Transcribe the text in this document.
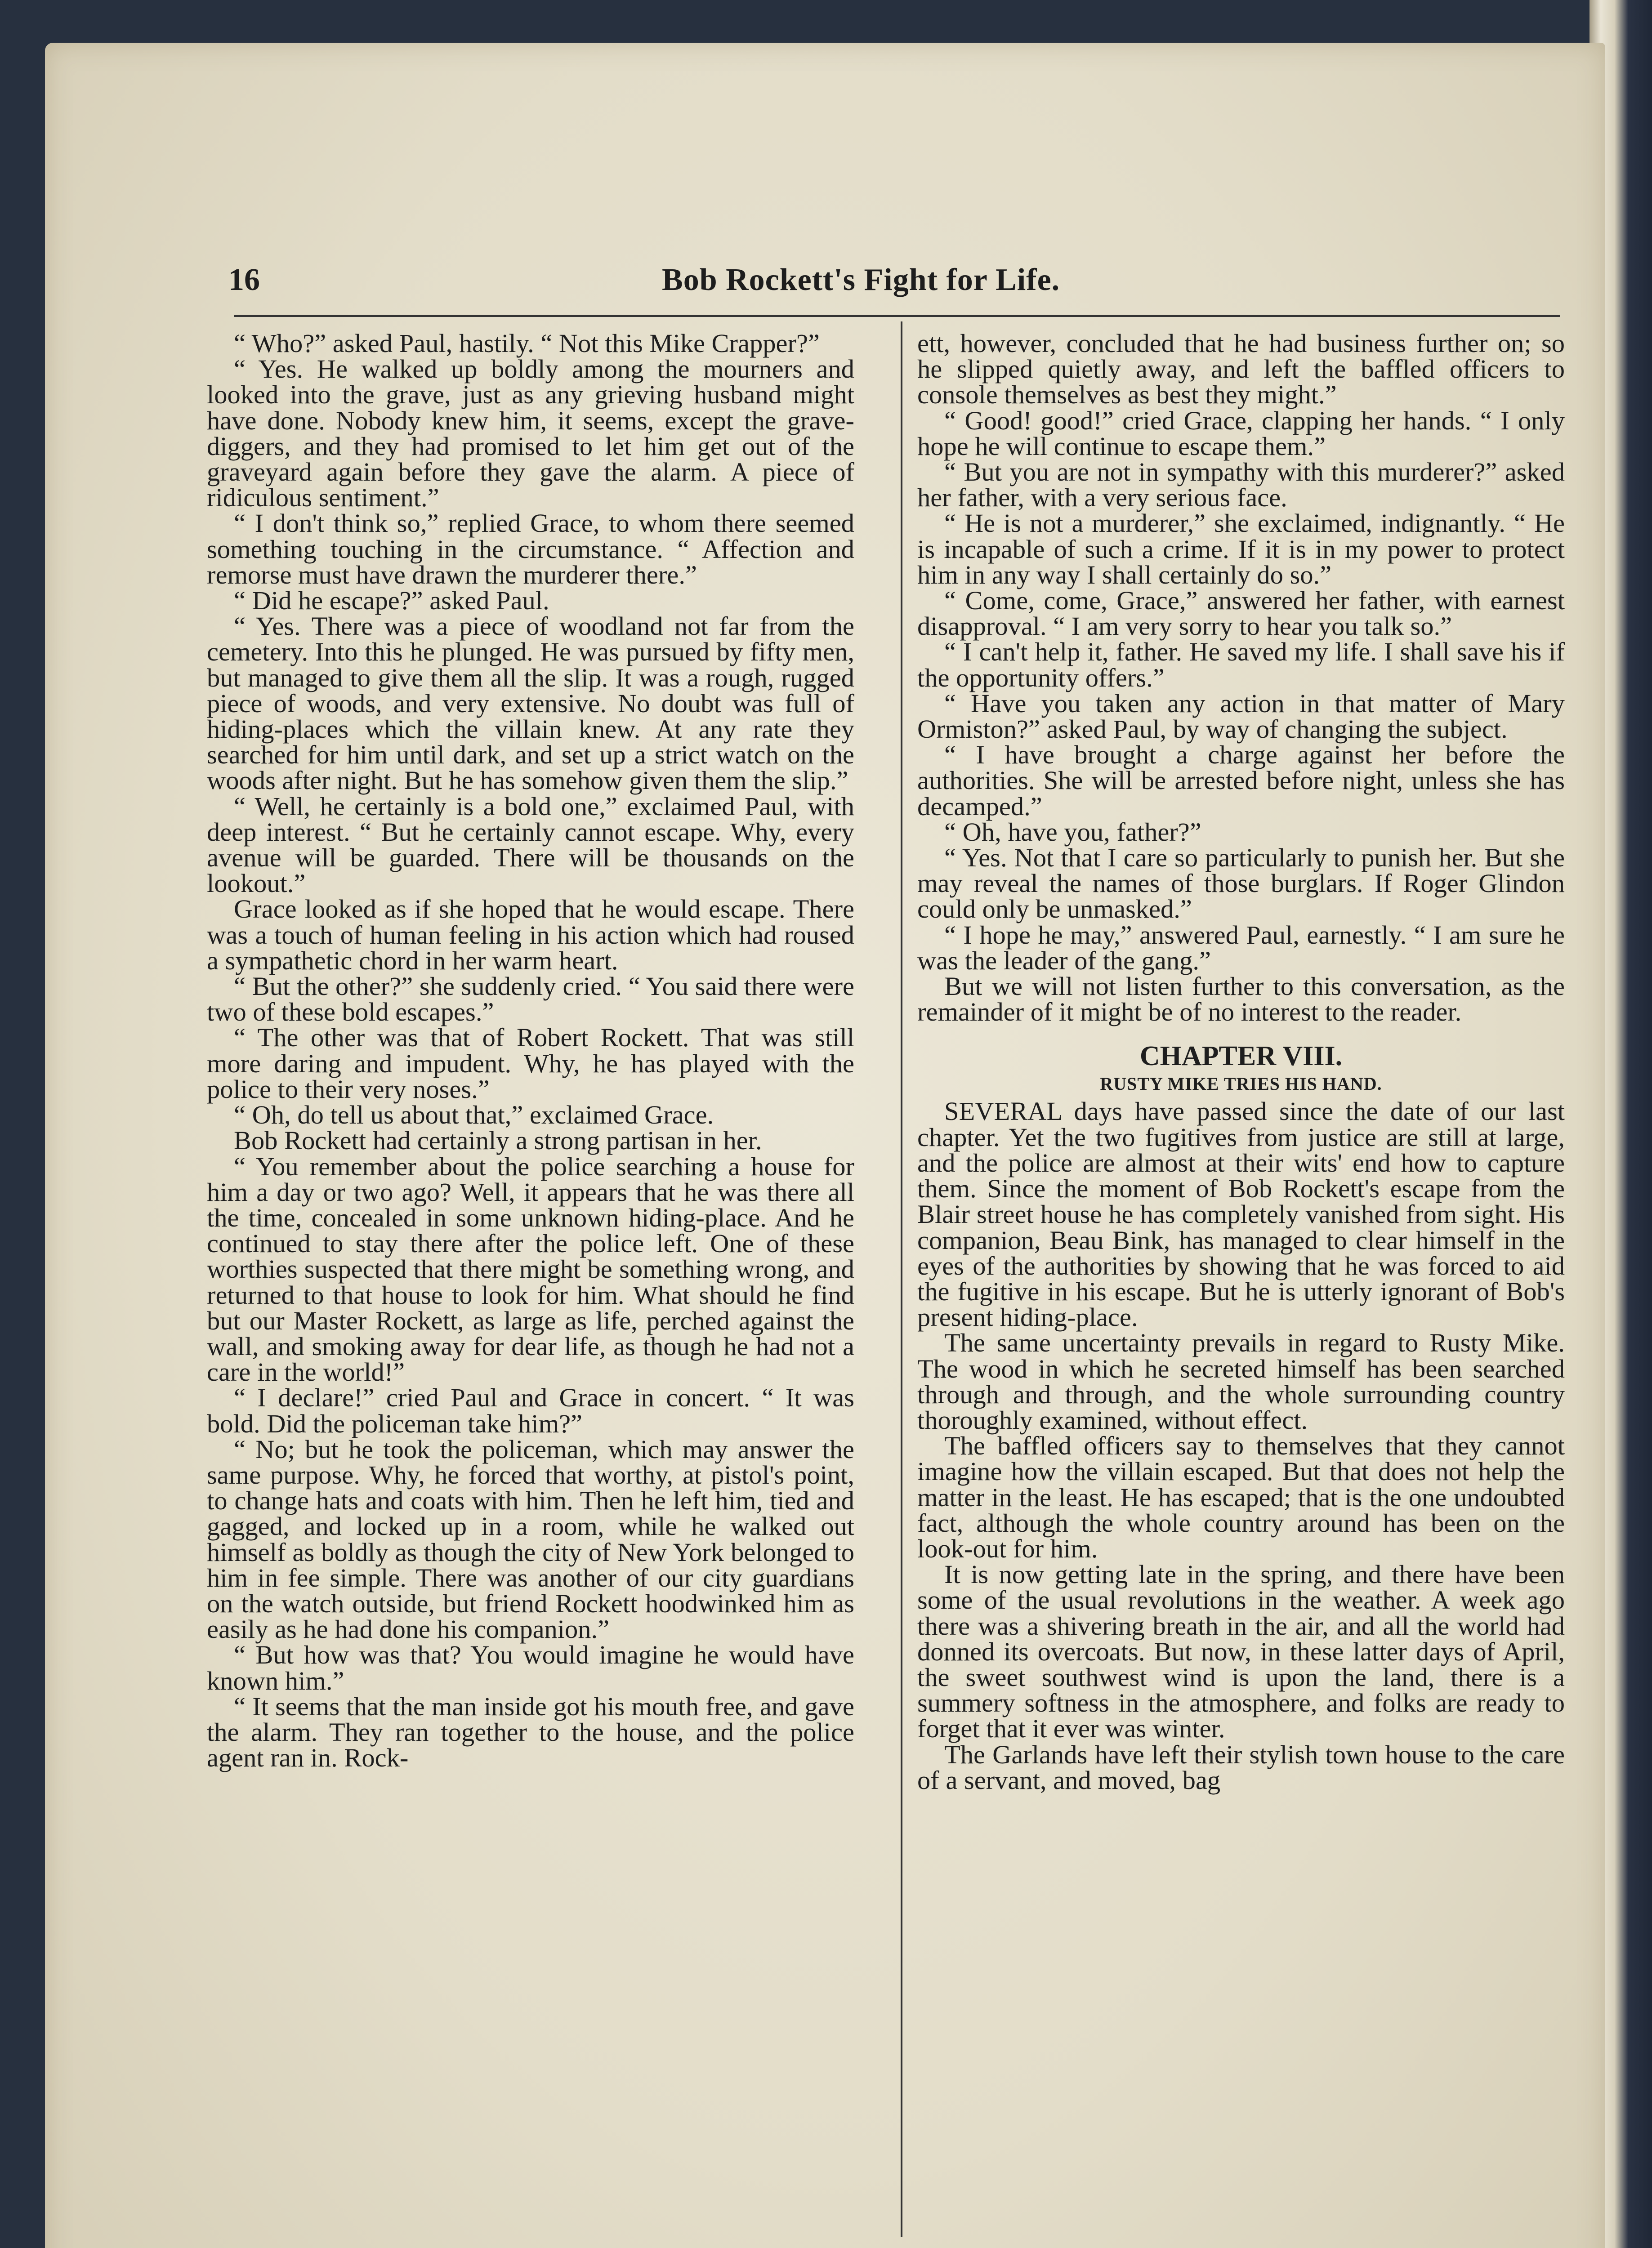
16	Bob Rockett's Fight for Life.

“ Who?” asked Paul, hastily. “ Not this Mike Crapper?”

“ Yes. He walked up boldly among the mourners and looked into the grave, just as any grieving husband might have done. Nobody knew him, it seems, except the grave-diggers, and they had promised to let him get out of the graveyard again before they gave the alarm. A piece of ridiculous sentiment.”

“ I don't think so,” replied Grace, to whom there seemed something touching in the circumstance. “ Affection and remorse must have drawn the murderer there.”

“ Did he escape?” asked Paul.

“ Yes. There was a piece of woodland not far from the cemetery. Into this he plunged. He was pursued by fifty men, but managed to give them all the slip. It was a rough, rugged piece of woods, and very extensive. No doubt was full of hiding-places which the villain knew. At any rate they searched for him until dark, and set up a strict watch on the woods after night. But he has somehow given them the slip.”

“ Well, he certainly is a bold one,” exclaimed Paul, with deep interest. “ But he certainly cannot escape. Why, every avenue will be guarded. There will be thousands on the lookout.”

Grace looked as if she hoped that he would escape. There was a touch of human feeling in his action which had roused a sympathetic chord in her warm heart.

“ But the other?” she suddenly cried. “ You said there were two of these bold escapes.”

“ The other was that of Robert Rockett. That was still more daring and impudent. Why, he has played with the police to their very noses.”

“ Oh, do tell us about that,” exclaimed Grace.

Bob Rockett had certainly a strong partisan in her.

“ You remember about the police searching a house for him a day or two ago? Well, it appears that he was there all the time, concealed in some unknown hiding-place. And he continued to stay there after the police left. One of these worthies suspected that there might be something wrong, and returned to that house to look for him. What should he find but our Master Rockett, as large as life, perched against the wall, and smoking away for dear life, as though he had not a care in the world!”

“ I declare!” cried Paul and Grace in concert. “ It was bold. Did the policeman take him?”

“ No; but he took the policeman, which may answer the same purpose. Why, he forced that worthy, at pistol's point, to change hats and coats with him. Then he left him, tied and gagged, and locked up in a room, while he walked out himself as boldly as though the city of New York belonged to him in fee simple. There was another of our city guardians on the watch outside, but friend Rockett hoodwinked him as easily as he had done his companion.”

“ But how was that? You would imagine he would have known him.”

“ It seems that the man inside got his mouth free, and gave the alarm. They ran together to the house, and the police agent ran in. Rock-

ett, however, concluded that he had business further on; so he slipped quietly away, and left the baffled officers to console themselves as best they might.”

“ Good! good!” cried Grace, clapping her hands. “ I only hope he will continue to escape them.”

“ But you are not in sympathy with this murderer?” asked her father, with a very serious face.

“ He is not a murderer,” she exclaimed, indignantly. “ He is incapable of such a crime. If it is in my power to protect him in any way I shall certainly do so.”

“ Come, come, Grace,” answered her father, with earnest disapproval. “ I am very sorry to hear you talk so.”

“ I can't help it, father. He saved my life. I shall save his if the opportunity offers.”

“ Have you taken any action in that matter of Mary Ormiston?” asked Paul, by way of changing the subject.

“ I have brought a charge against her before the authorities. She will be arrested before night, unless she has decamped.”

“ Oh, have you, father?”

“ Yes. Not that I care so particularly to punish her. But she may reveal the names of those burglars. If Roger Glindon could only be unmasked.”

“ I hope he may,” answered Paul, earnestly. “ I am sure he was the leader of the gang.”

But we will not listen further to this conversation, as the remainder of it might be of no interest to the reader.

CHAPTER VIII.
RUSTY MIKE TRIES HIS HAND.

SEVERAL days have passed since the date of our last chapter. Yet the two fugitives from justice are still at large, and the police are almost at their wits' end how to capture them. Since the moment of Bob Rockett's escape from the Blair street house he has completely vanished from sight. His companion, Beau Bink, has managed to clear himself in the eyes of the authorities by showing that he was forced to aid the fugitive in his escape. But he is utterly ignorant of Bob's present hiding-place.

The same uncertainty prevails in regard to Rusty Mike. The wood in which he secreted himself has been searched through and through, and the whole surrounding country thoroughly examined, without effect.

The baffled officers say to themselves that they cannot imagine how the villain escaped. But that does not help the matter in the least. He has escaped; that is the one undoubted fact, although the whole country around has been on the look-out for him.

It is now getting late in the spring, and there have been some of the usual revolutions in the weather. A week ago there was a shivering breath in the air, and all the world had donned its overcoats. But now, in these latter days of April, the sweet southwest wind is upon the land, there is a summery softness in the atmosphere, and folks are ready to forget that it ever was winter.

The Garlands have left their stylish town house to the care of a servant, and moved, bag
